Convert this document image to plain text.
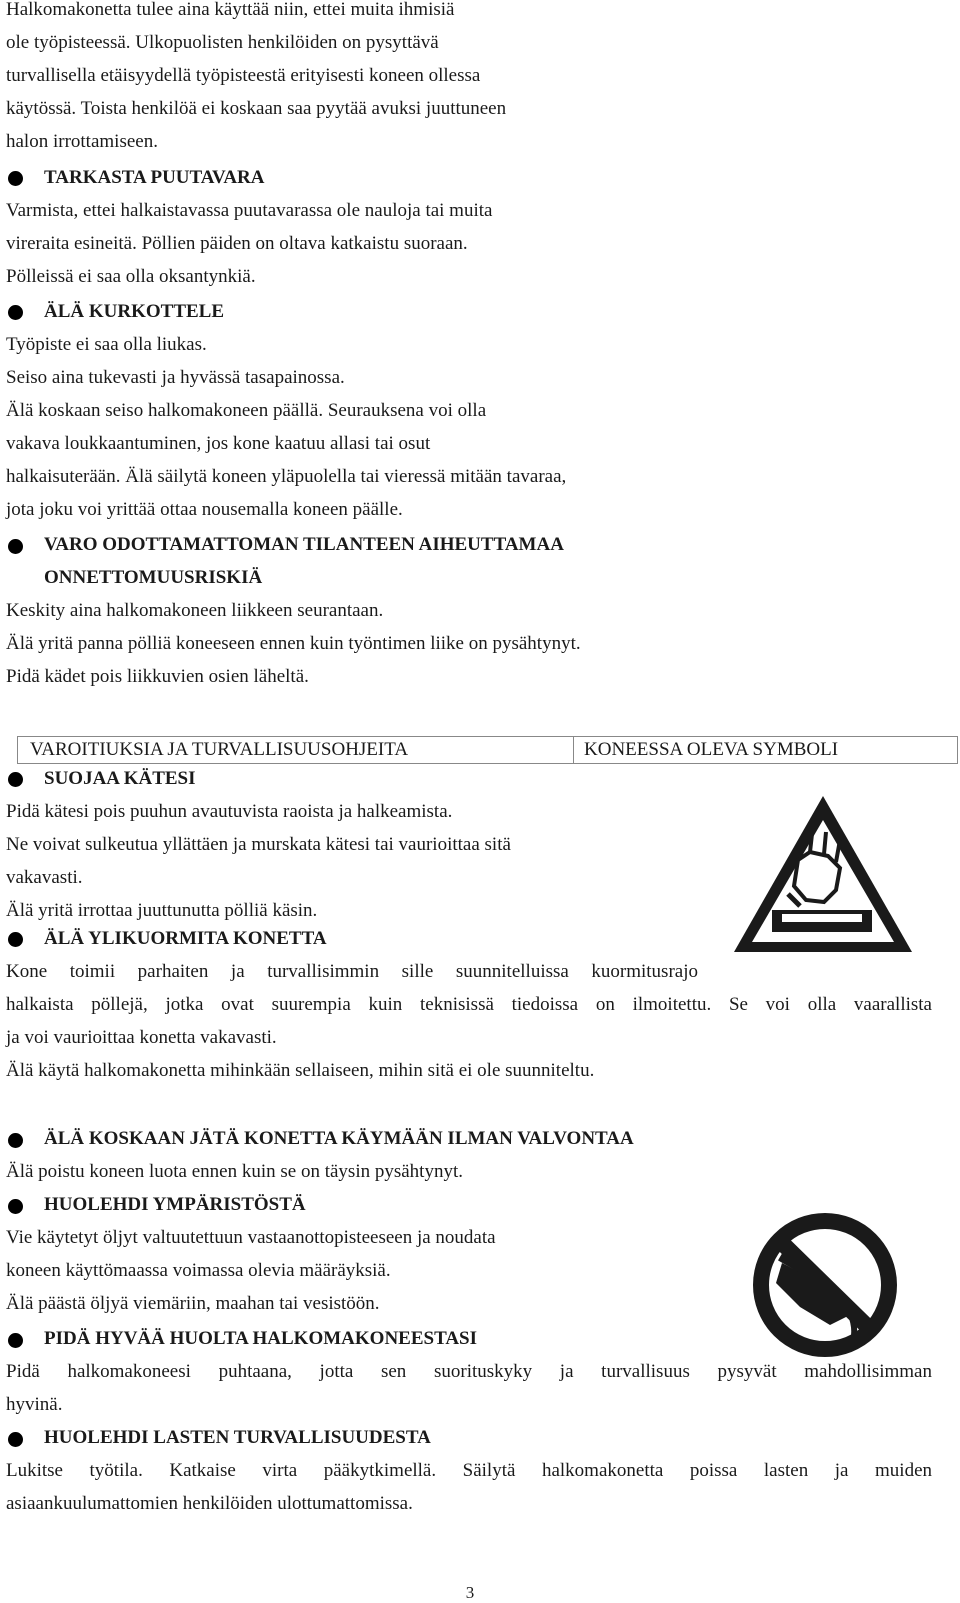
Halkomakonetta tulee aina käyttää niin, ettei muita ihmisiä
ole työpisteessä. Ulkopuolisten henkilöiden on pysyttävä
turvallisella etäisyydellä työpisteestä erityisesti koneen ollessa
käytössä. Toista henkilöä ei koskaan saa pyytää avuksi juuttuneen
halon irrottamiseen.
TARKASTA PUUTAVARA
Varmista, ettei halkaistavassa puutavarassa ole nauloja tai muita
vireraita esineitä. Pöllien päiden on oltava katkaistu suoraan.
Pölleissä ei saa olla oksantynkiä.
ÄLÄ KURKOTTELE
Työpiste ei saa olla liukas.
Seiso aina tukevasti ja hyvässä tasapainossa.
Älä koskaan seiso halkomakoneen päällä. Seurauksena voi olla
vakava loukkaantuminen, jos kone kaatuu allasi tai osut
halkaisuterään. Älä säilytä koneen yläpuolella tai vieressä mitään tavaraa,
jota joku voi yrittää ottaa nousemalla koneen päälle.
VARO ODOTTAMATTOMAN TILANTEEN AIHEUTTAMAA
ONNETTOMUUSRISKIÄ
Keskity aina halkomakoneen liikkeen seurantaan.
Älä yritä panna pölliä koneeseen ennen kuin työntimen liike on pysähtynyt.
Pidä kädet pois liikkuvien osien läheltä.
VAROITIUKSIA JA TURVALLISUUSOHJEITA	KONEESSA OLEVA SYMBOLI
SUOJAA KÄTESI
Pidä kätesi pois puuhun avautuvista raoista ja halkeamista.
Ne voivat sulkeutua yllättäen ja murskata kätesi tai vaurioittaa sitä
vakavasti.
Älä yritä irrottaa juuttunutta pölliä käsin.
ÄLÄ YLIKUORMITA KONETTA
Kone toimii parhaiten ja turvallisimmin sille suunnitelluissa kuormitusrajo
halkaista pöllejä, jotka ovat suurempia kuin teknisissä tiedoissa on ilmoitettu. Se voi olla vaarallista
ja voi vaurioittaa konetta vakavasti.
Älä käytä halkomakonetta mihinkään sellaiseen, mihin sitä ei ole suunniteltu.
ÄLÄ KOSKAAN JÄTÄ KONETTA KÄYMÄÄN ILMAN VALVONTAA
Älä poistu koneen luota ennen kuin se on täysin pysähtynyt.
HUOLEHDI YMPÄRISTÖSTÄ
Vie käytetyt öljyt valtuutettuun vastaanottopisteeseen ja noudata
koneen käyttömaassa voimassa olevia määräyksiä.
Älä päästä öljyä viemäriin, maahan tai vesistöön.
PIDÄ HYVÄÄ HUOLTA HALKOMAKONEESTASI
Pidä halkomakoneesi puhtaana, jotta sen suorituskyky ja turvallisuus pysyvät mahdollisimman
hyvinä.
HUOLEHDI LASTEN TURVALLISUUDESTA
Lukitse työtila. Katkaise virta pääkytkimellä. Säilytä halkomakonetta poissa lasten ja muiden
asiaankuulumattomien henkilöiden ulottumattomissa.
3
